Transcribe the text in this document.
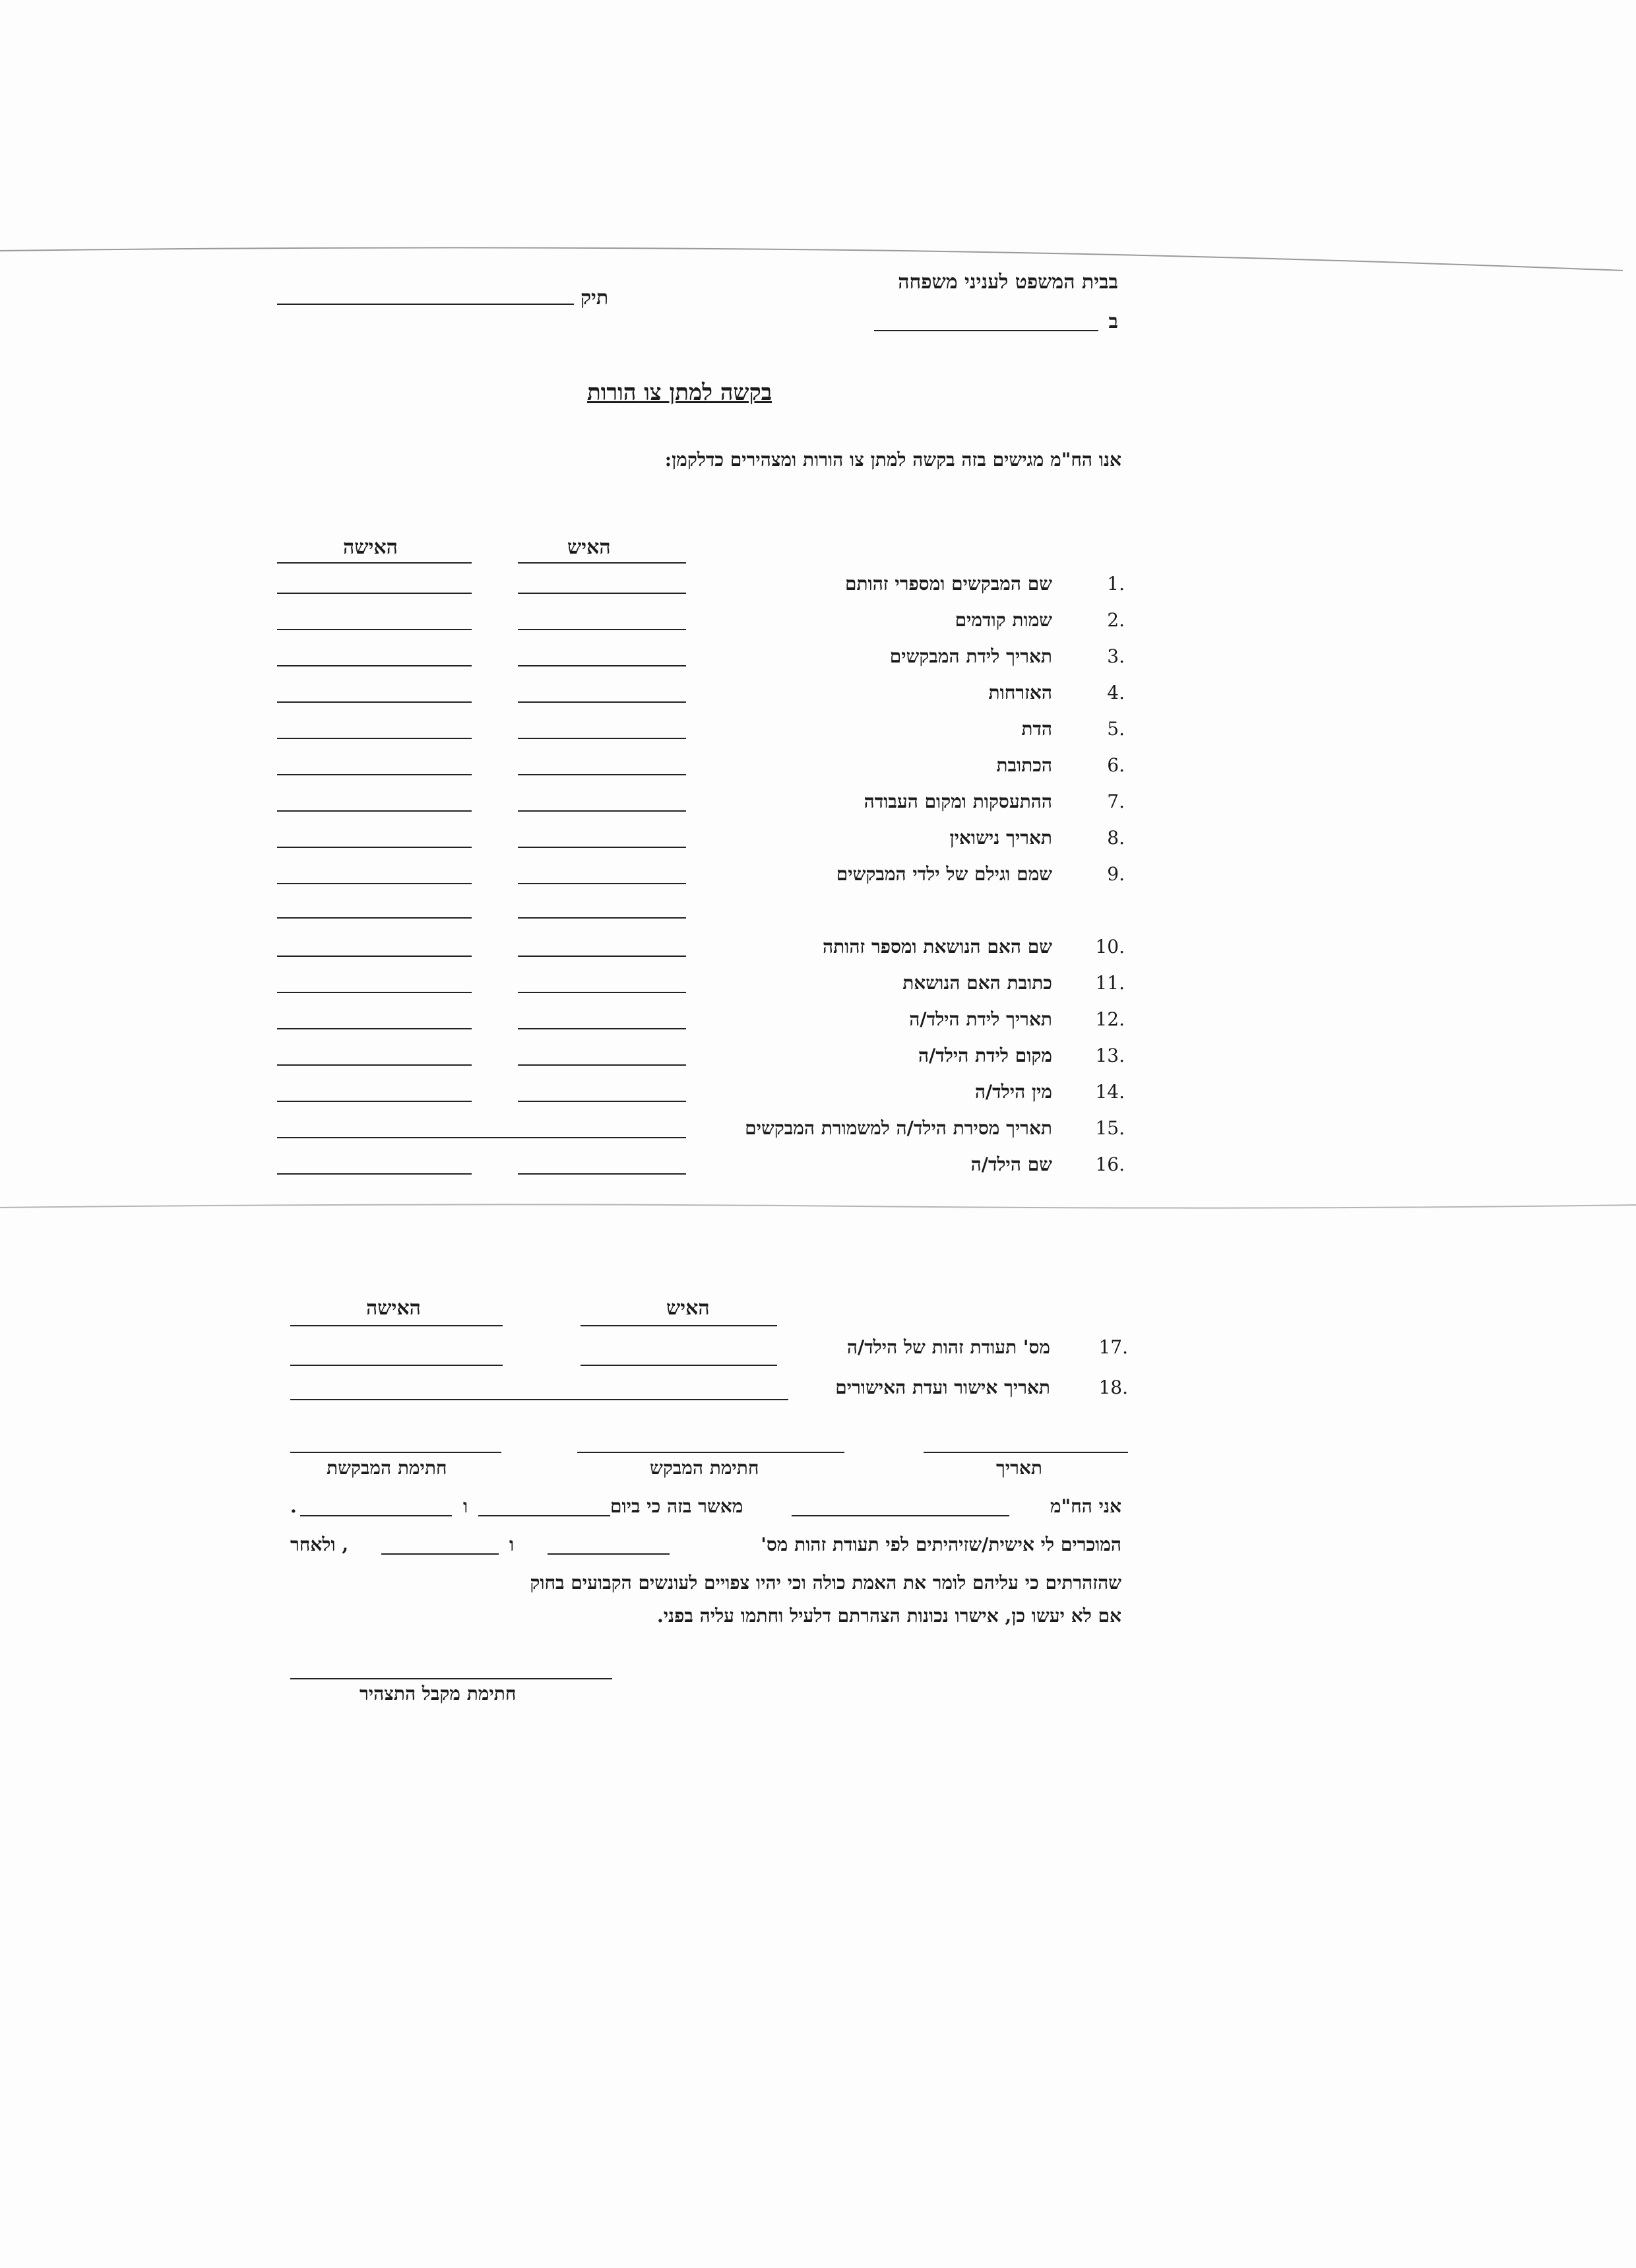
בבית המשפט לעניני משפחה
ב
תיק
בקשה למתן צו הורות
אנו הח"מ מגישים בזה בקשה למתן צו הורות ומצהירים כדלקמן:
האיש
האישה
1.
שם המבקשים ומספרי זהותם
2.
שמות קודמים
3.
תאריך לידת המבקשים
4.
האזרחות
5.
הדת
6.
הכתובת
7.
ההתעסקות ומקום העבודה
8.
תאריך נישואין
9.
שמם וגילם של ילדי המבקשים
10.
שם האם הנושאת ומספר זהותה
11.
כתובת האם הנושאת
12.
תאריך לידת הילד/ה
13.
מקום לידת הילד/ה
14.
מין הילד/ה
15.
תאריך מסירת הילד/ה למשמורת המבקשים
16.
שם הילד/ה
האיש
האישה
17.
מס' תעודת זהות של הילד/ה
18.
תאריך אישור ועדת האישורים
תאריך
חתימת המבקש
חתימת המבקשת
אני הח"מ
מאשר בזה כי ביום
ו
.
המוכרים לי אישית/שזיהיתים לפי תעודת זהות מס'
ו
, ולאחר
שהזהרתים כי עליהם לומר את האמת כולה וכי יהיו צפויים לעונשים הקבועים בחוק
אם לא יעשו כן, אישרו נכונות הצהרתם דלעיל וחתמו עליה בפני.
חתימת מקבל התצהיר
